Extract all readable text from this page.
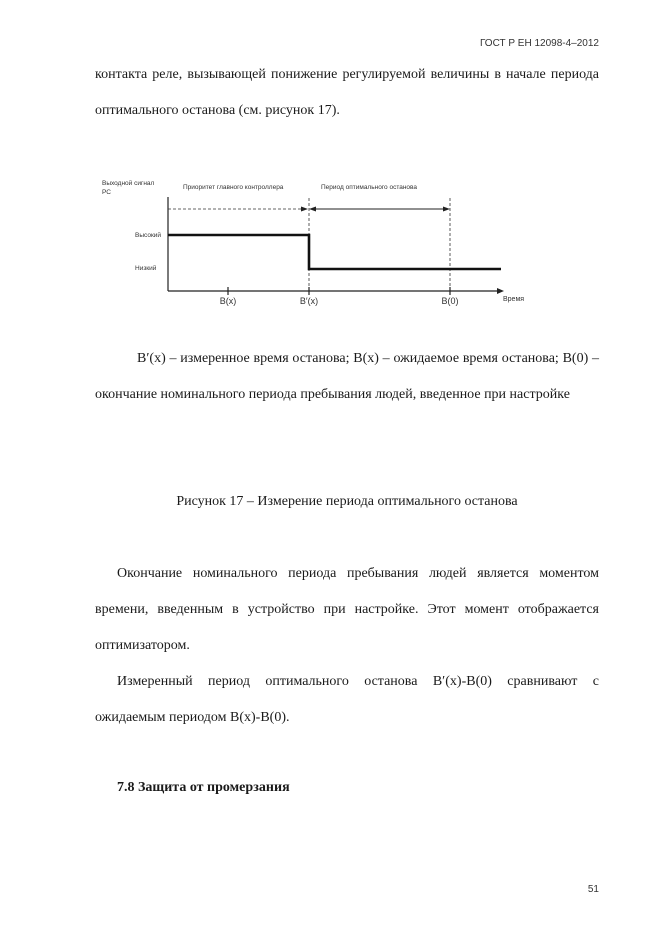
ГОСТ Р ЕН 12098-4–2012
контакта реле, вызывающей понижение регулируемой величины в начале периода оптимального останова (см. рисунок 17).
Выходной сигнал
РС
Время
Высокий
Низкий
Приоритет главного контроллера	Период оптимального останова
B(x)	B′(x)	B(0)
B′(x) – измеренное время останова; B(x) – ожидаемое время останова; B(0) – окончание номинального периода пребывания людей, введенное при настройке
Рисунок 17 – Измерение периода оптимального останова
Окончание номинального периода пребывания людей является моментом времени, введенным в устройство при настройке. Этот момент отображается оптимизатором.
Измеренный период оптимального останова B′(x)-B(0) сравнивают с ожидаемым периодом B(x)-B(0).
7.8 Защита от промерзания
51
